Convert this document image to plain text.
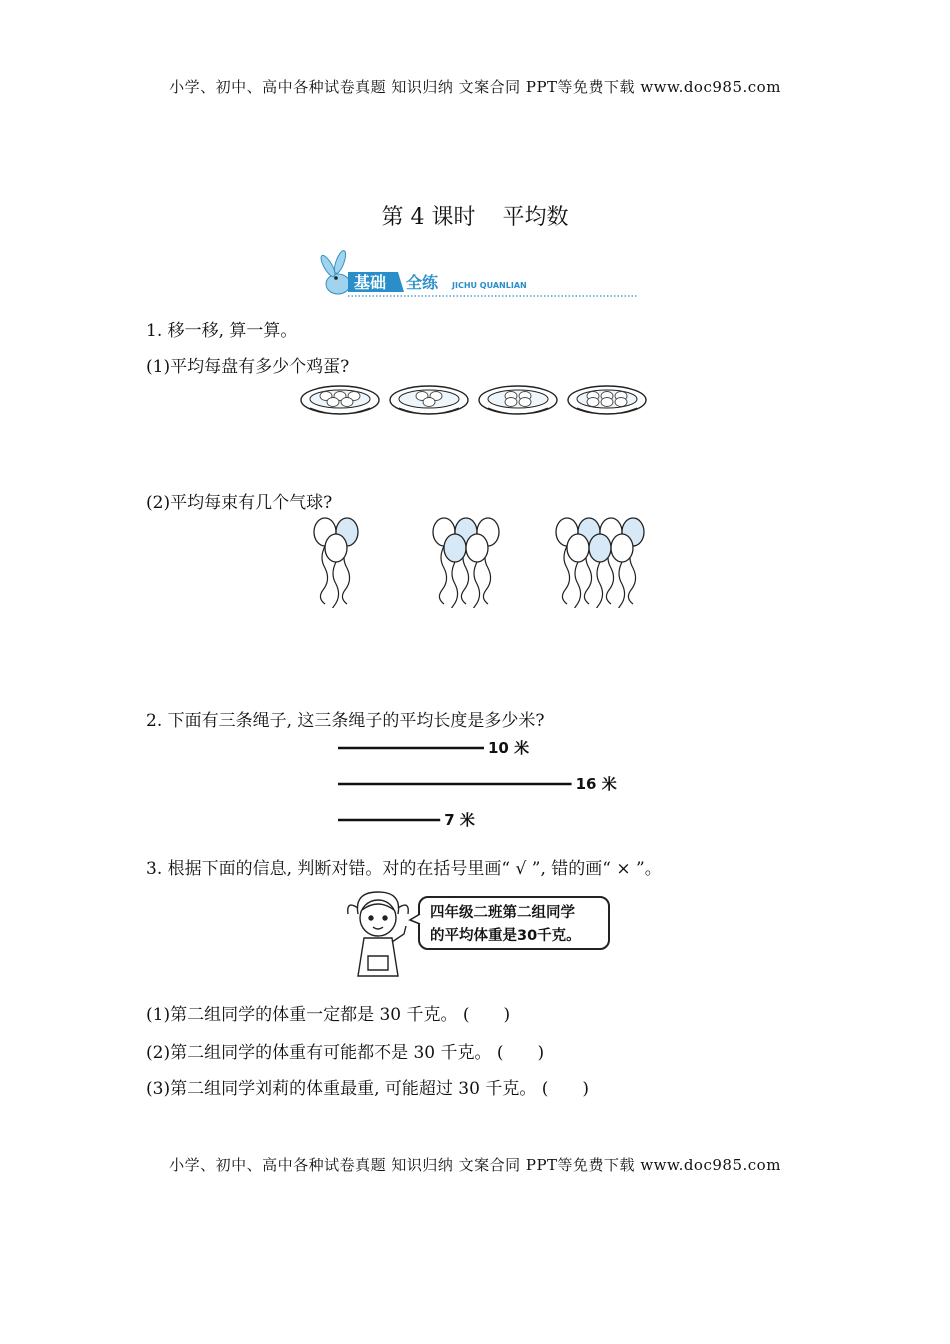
小学、初中、高中各种试卷真题 知识归纳 文案合同 PPT等免费下载 www.doc985.com
第 4 课时 平均数
基础 全练 JICHU QUANLIAN
1. 移一移, 算一算。
(1)平均每盘有多少个鸡蛋?
(2)平均每束有几个气球?
2. 下面有三条绳子, 这三条绳子的平均长度是多少米?
10 米
16 米
7 米
3. 根据下面的信息, 判断对错。对的在括号里画“ √ ”, 错的画“ × ”。
四年级二班第二组同学
的平均体重是30千克。
(1)第二组同学的体重一定都是 30 千克。 (　　)
(2)第二组同学的体重有可能都不是 30 千克。 (　　)
(3)第二组同学刘莉的体重最重, 可能超过 30 千克。 (　　)
小学、初中、高中各种试卷真题 知识归纳 文案合同 PPT等免费下载 www.doc985.com
